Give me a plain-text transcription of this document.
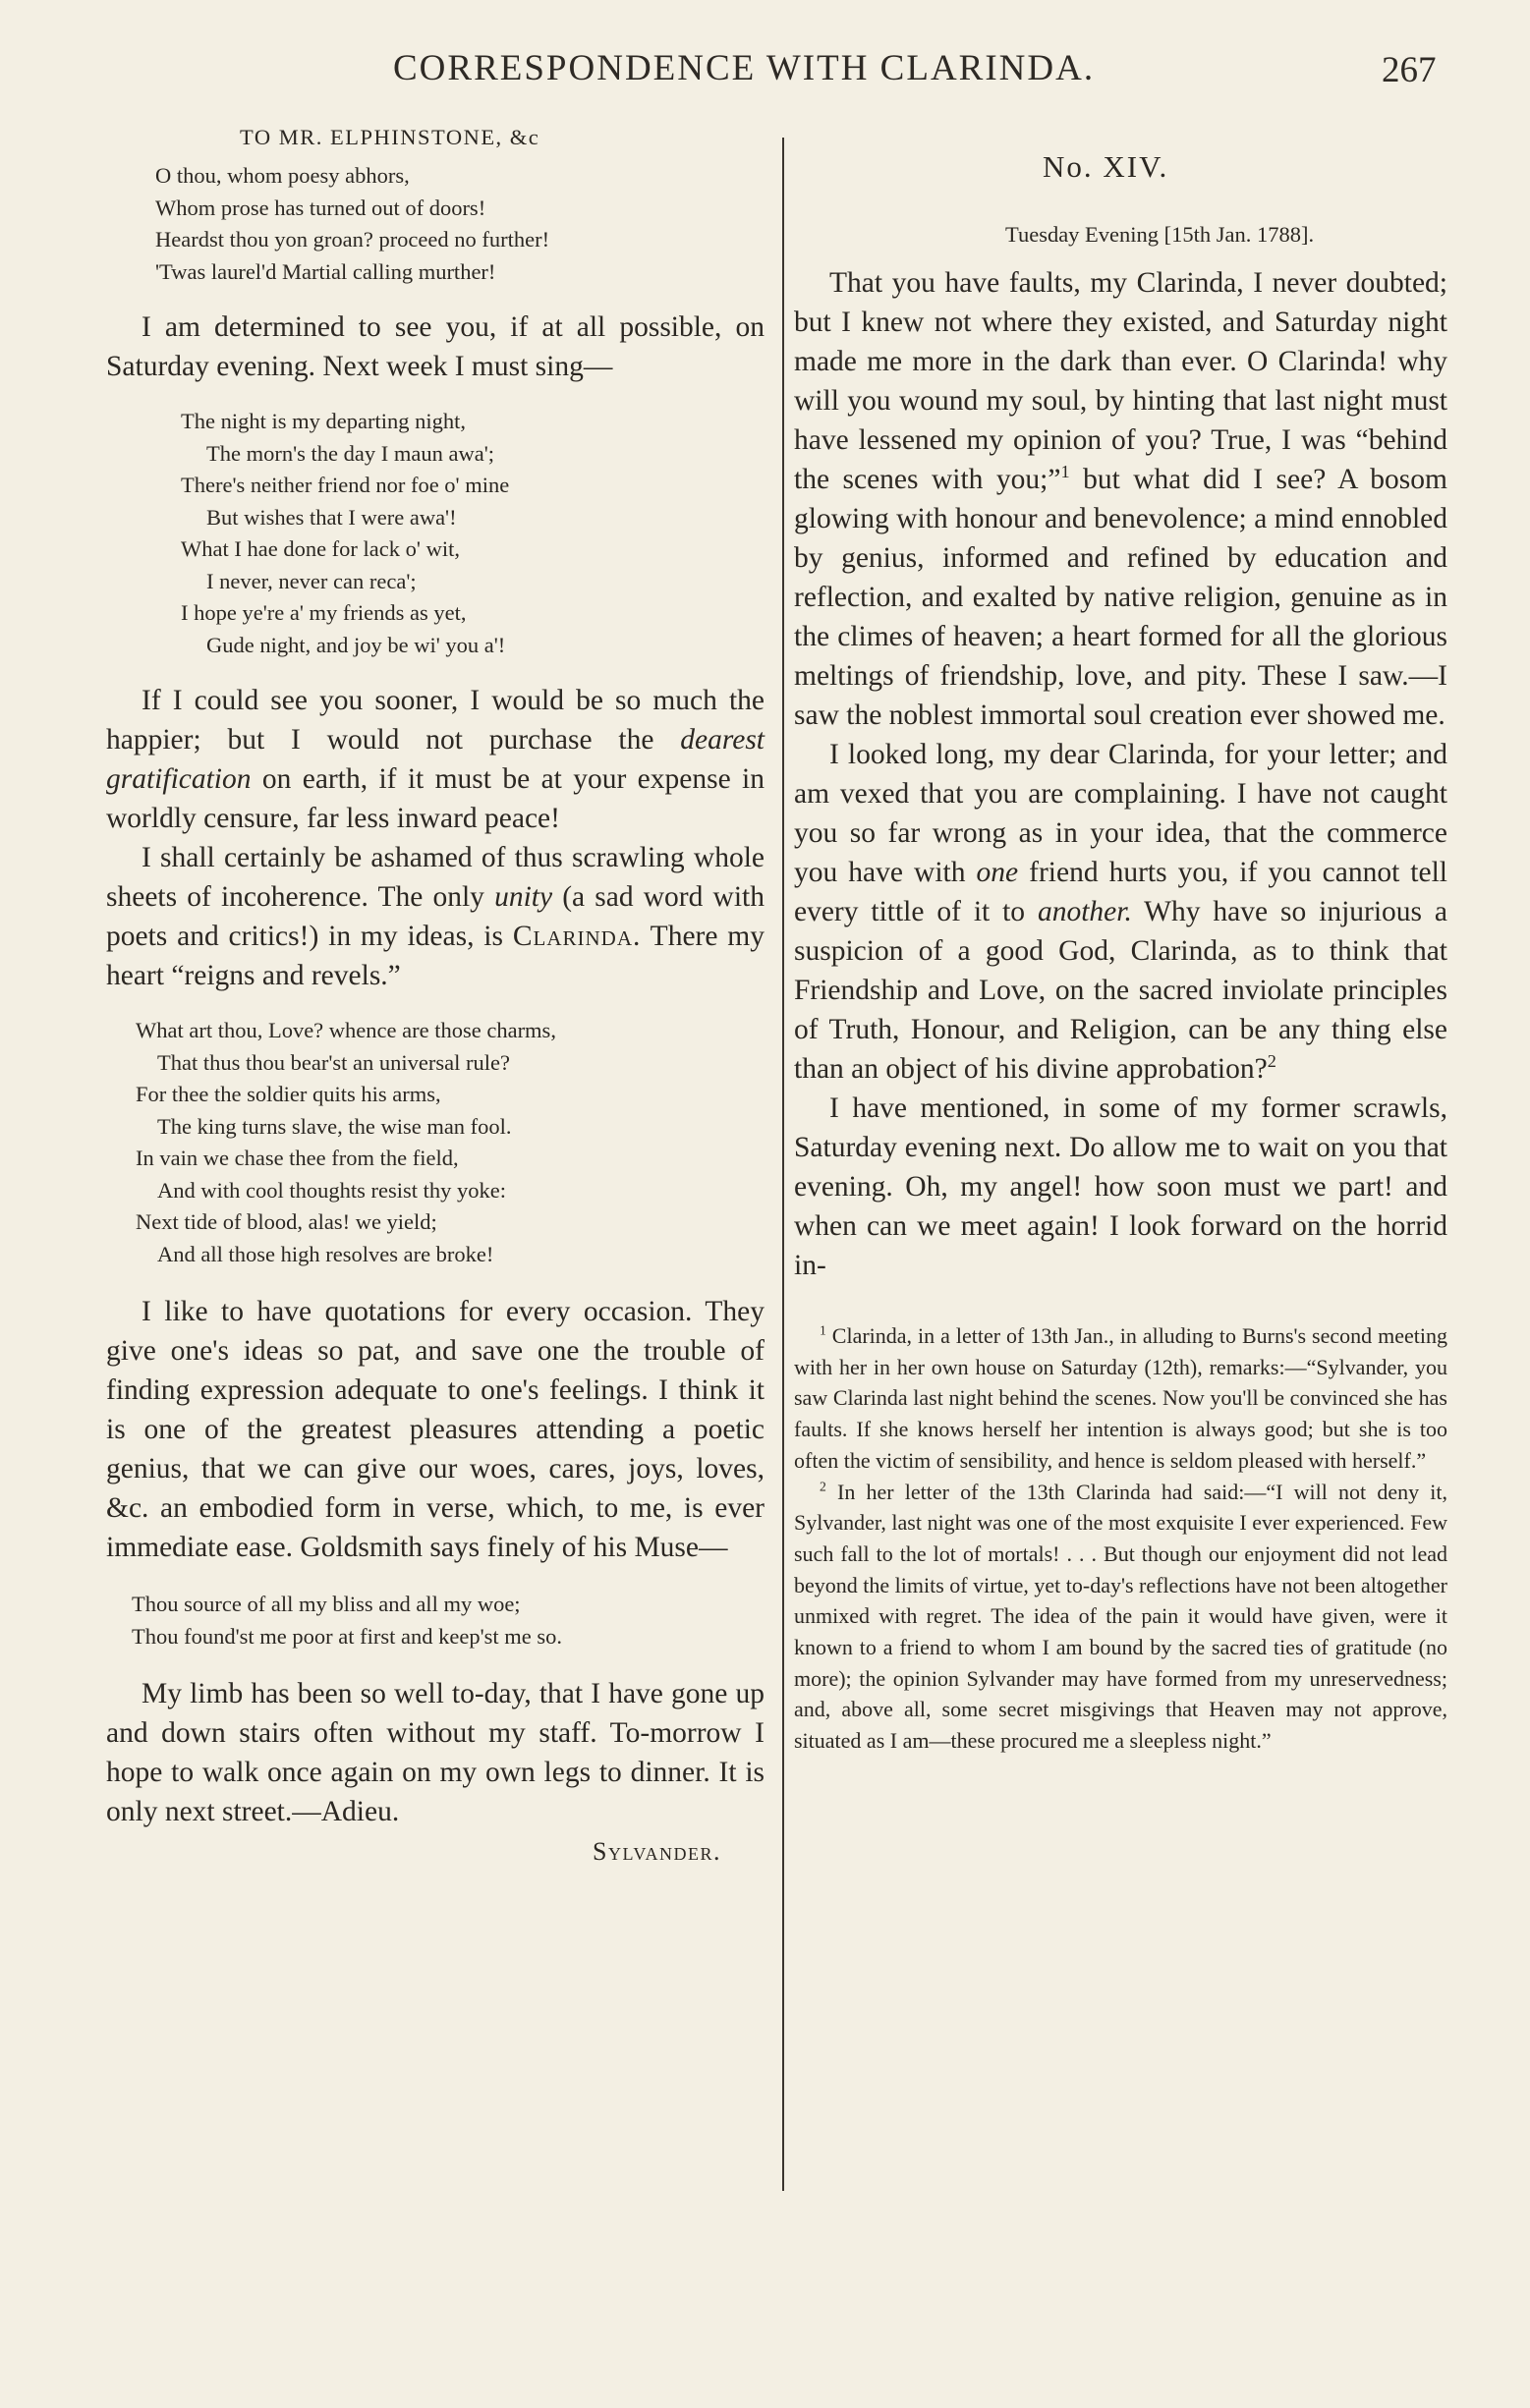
CORRESPONDENCE WITH CLARINDA.	267
TO MR. ELPHINSTONE, &c
O thou, whom poesy abhors,
Whom prose has turned out of doors!
Heardst thou yon groan? proceed no further!
'Twas laurel'd Martial calling murther!

I am determined to see you, if at all possible, on Saturday evening. Next week I must sing—

The night is my departing night,
The morn's the day I maun awa';
There's neither friend nor foe o' mine
But wishes that I were awa'!
What I hae done for lack o' wit,
I never, never can reca';
I hope ye're a' my friends as yet,
Gude night, and joy be wi' you a'!

If I could see you sooner, I would be so much the happier; but I would not purchase the dearest gratification on earth, if it must be at your expense in worldly censure, far less inward peace!

I shall certainly be ashamed of thus scrawling whole sheets of incoherence. The only unity (a sad word with poets and critics!) in my ideas, is Clarinda. There my heart “reigns and revels.”

What art thou, Love? whence are those charms,
That thus thou bear'st an universal rule?
For thee the soldier quits his arms,
The king turns slave, the wise man fool.
In vain we chase thee from the field,
And with cool thoughts resist thy yoke:
Next tide of blood, alas! we yield;
And all those high resolves are broke!

I like to have quotations for every occasion. They give one's ideas so pat, and save one the trouble of finding expression adequate to one's feelings. I think it is one of the greatest pleasures attending a poetic genius, that we can give our woes, cares, joys, loves, &c. an embodied form in verse, which, to me, is ever immediate ease. Goldsmith says finely of his Muse—

Thou source of all my bliss and all my woe;
Thou found'st me poor at first and keep'st me so.

My limb has been so well to-day, that I have gone up and down stairs often without my staff. To-morrow I hope to walk once again on my own legs to dinner. It is only next street.—Adieu.

Sylvander.
No. XIV.
Tuesday Evening [15th Jan. 1788].

That you have faults, my Clarinda, I never doubted; but I knew not where they existed, and Saturday night made me more in the dark than ever. O Clarinda! why will you wound my soul, by hinting that last night must have lessened my opinion of you? True, I was “behind the scenes with you;”$^1$ but what did I see? A bosom glowing with honour and benevolence; a mind ennobled by genius, informed and refined by education and reflection, and exalted by native religion, genuine as in the climes of heaven; a heart formed for all the glorious meltings of friendship, love, and pity. These I saw.—I saw the noblest immortal soul creation ever showed me.

I looked long, my dear Clarinda, for your letter; and am vexed that you are complaining. I have not caught you so far wrong as in your idea, that the commerce you have with one friend hurts you, if you cannot tell every tittle of it to another. Why have so injurious a suspicion of a good God, Clarinda, as to think that Friendship and Love, on the sacred inviolate principles of Truth, Honour, and Religion, can be any thing else than an object of his divine approbation?$^2$

I have mentioned, in some of my former scrawls, Saturday evening next. Do allow me to wait on you that evening. Oh, my angel! how soon must we part! and when can we meet again! I look forward on the horrid in-

$^1$ Clarinda, in a letter of 13th Jan., in alluding to Burns's second meeting with her in her own house on Saturday (12th), remarks:—“Sylvander, you saw Clarinda last night behind the scenes. Now you'll be convinced she has faults. If she knows herself her intention is always good; but she is too often the victim of sensibility, and hence is seldom pleased with herself.”

$^2$ In her letter of the 13th Clarinda had said:—“I will not deny it, Sylvander, last night was one of the most exquisite I ever experienced. Few such fall to the lot of mortals! . . . But though our enjoyment did not lead beyond the limits of virtue, yet to-day's reflections have not been altogether unmixed with regret. The idea of the pain it would have given, were it known to a friend to whom I am bound by the sacred ties of gratitude (no more); the opinion Sylvander may have formed from my unreservedness; and, above all, some secret misgivings that Heaven may not approve, situated as I am—these procured me a sleepless night.”
